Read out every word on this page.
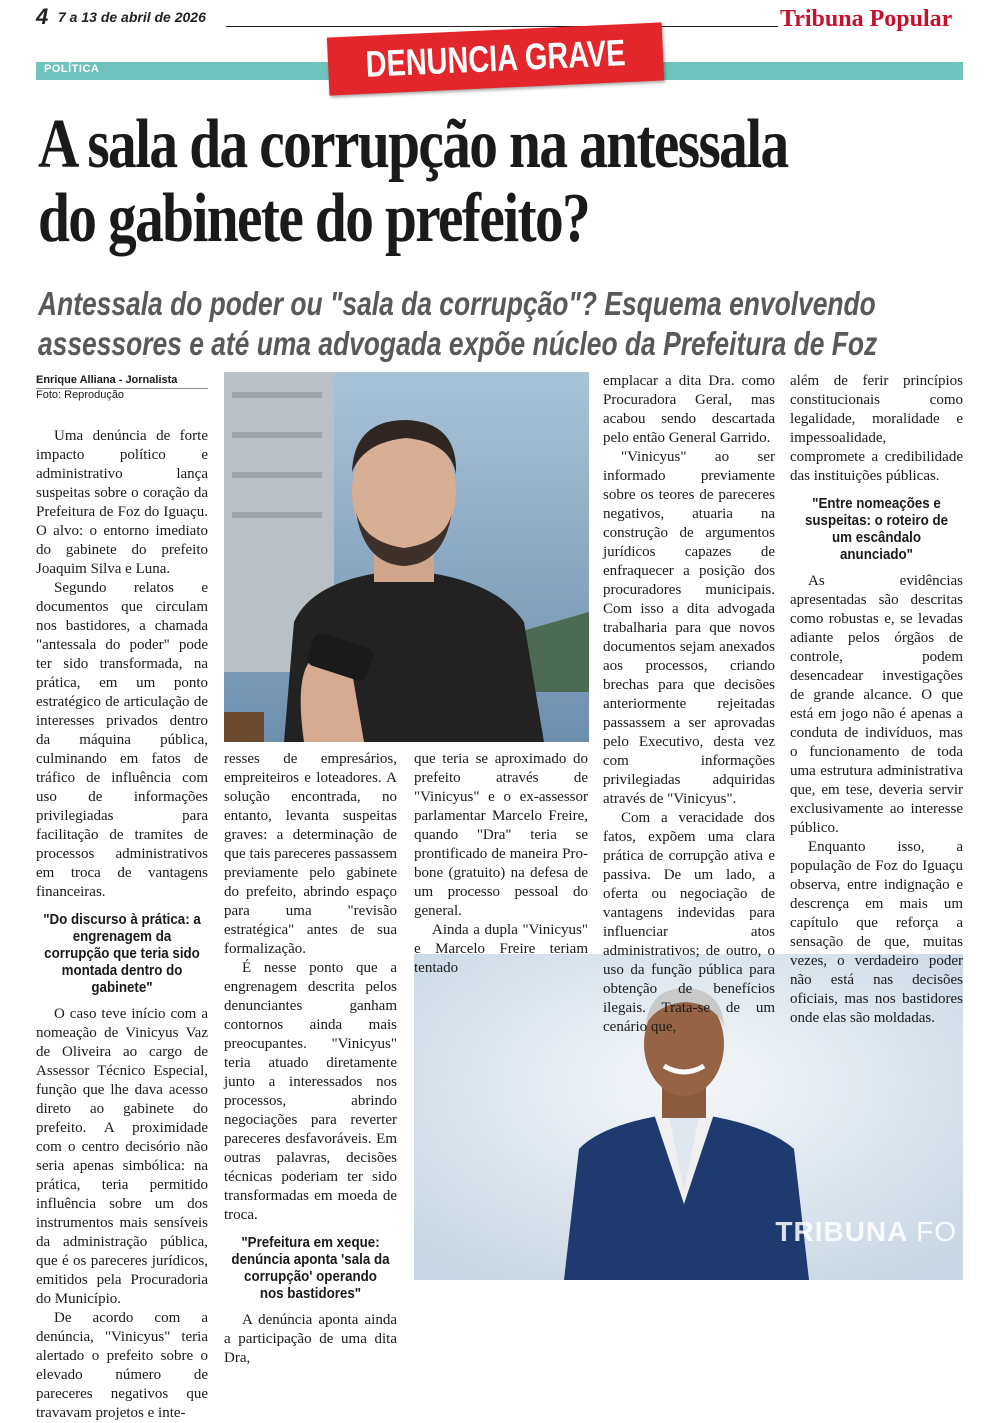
4 7 a 13 de abril de 2026	Tribuna Popular
POLÍTICA	DENUNCIA GRAVE
A sala da corrupção na antessala
do gabinete do prefeito?
Antessala do poder ou "sala da corrupção"? Esquema envolvendo
assessores e até uma advogada expõe núcleo da Prefeitura de Foz
Enrique Alliana - Jornalista
Foto: Reprodução
TRIBUNA FO

Uma denúncia de forte impacto político e administrativo lança suspeitas sobre o coração da Prefeitura de Foz do Iguaçu. O alvo: o entorno imediato do gabinete do prefeito Joaquim Silva e Luna.

Segundo relatos e documentos que circulam nos bastidores, a chamada "antessala do poder" pode ter sido transformada, na prática, em um ponto estratégico de articulação de interesses privados dentro da máquina pública, culminando em fatos de tráfico de influência com uso de informações privilegiadas para facilitação de tramites de processos administrativos em troca de vantagens financeiras.

"Do discurso à prática: a engrenagem da corrupção que teria sido montada dentro do gabinete"

O caso teve início com a nomeação de Vinicyus Vaz de Oliveira ao cargo de Assessor Técnico Especial, função que lhe dava acesso direto ao gabinete do prefeito. A proximidade com o centro decisório não seria apenas simbólica: na prática, teria permitido influência sobre um dos instrumentos mais sensíveis da administração pública, que é os pareceres jurídicos, emitidos pela Procuradoria do Município.

De acordo com a denúncia, "Vinicyus" teria alertado o prefeito sobre o elevado número de pareceres negativos que travavam projetos e inte-

resses de empresários, empreiteiros e loteadores. A solução encontrada, no entanto, levanta suspeitas graves: a determinação de que tais pareceres passassem previamente pelo gabinete do prefeito, abrindo espaço para uma "revisão estratégica" antes de sua formalização.

É nesse ponto que a engrenagem descrita pelos denunciantes ganham contornos ainda mais preocupantes. "Vinicyus" teria atuado diretamente junto a interessados nos processos, abrindo negociações para reverter pareceres desfavoráveis. Em outras palavras, decisões técnicas poderiam ter sido transformadas em moeda de troca.

"Prefeitura em xeque: denúncia aponta 'sala da corrupção' operando nos bastidores"

A denúncia aponta ainda a participação de uma dita Dra,

que teria se aproximado do prefeito através de "Vinicyus" e o ex-assessor parlamentar Marcelo Freire, quando "Dra" teria se prontificado de maneira Pro-bone (gratuito) na defesa de um processo pessoal do general.

Ainda a dupla "Vinicyus" e Marcelo Freire teriam tentado

emplacar a dita Dra. como Procuradora Geral, mas acabou sendo descartada pelo então General Garrido.

"Vinicyus" ao ser informado previamente sobre os teores de pareceres negativos, atuaria na construção de argumentos jurídicos capazes de enfraquecer a posição dos procuradores municipais. Com isso a dita advogada trabalharia para que novos documentos sejam anexados aos processos, criando brechas para que decisões anteriormente rejeitadas passassem a ser aprovadas pelo Executivo, desta vez com informações privilegiadas adquiridas através de "Vinicyus".

Com a veracidade dos fatos, expõem uma clara prática de corrupção ativa e passiva. De um lado, a oferta ou negociação de vantagens indevidas para influenciar atos administrativos; de outro, o uso da função pública para obtenção de benefícios ilegais. Trata-se de um cenário que,

além de ferir princípios constitucionais como legalidade, moralidade e impessoalidade, compromete a credibilidade das instituições públicas.

"Entre nomeações e suspeitas: o roteiro de um escândalo anunciado"

As evidências apresentadas são descritas como robustas e, se levadas adiante pelos órgãos de controle, podem desencadear investigações de grande alcance. O que está em jogo não é apenas a conduta de indivíduos, mas o funcionamento de toda uma estrutura administrativa que, em tese, deveria servir exclusivamente ao interesse público.

Enquanto isso, a população de Foz do Iguaçu observa, entre indignação e descrença em mais um capítulo que reforça a sensação de que, muitas vezes, o verdadeiro poder não está nas decisões oficiais, mas nos bastidores onde elas são moldadas.
